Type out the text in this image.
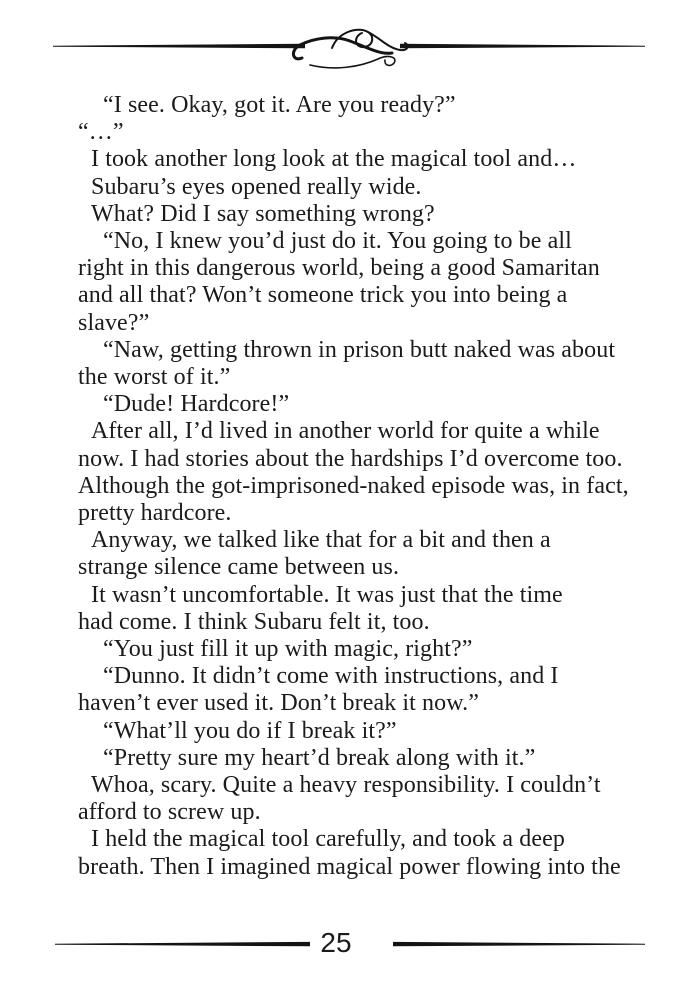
“I see. Okay, got it. Are you ready?”
“…”
I took another long look at the magical tool and…
Subaru’s eyes opened really wide.
What? Did I say something wrong?
“No, I knew you’d just do it. You going to be all
right in this dangerous world, being a good Samaritan
and all that? Won’t someone trick you into being a
slave?”
“Naw, getting thrown in prison butt naked was about
the worst of it.”
“Dude! Hardcore!”
After all, I’d lived in another world for quite a while
now. I had stories about the hardships I’d overcome too.
Although the got-imprisoned-naked episode was, in fact,
pretty hardcore.
Anyway, we talked like that for a bit and then a
strange silence came between us.
It wasn’t uncomfortable. It was just that the time
had come. I think Subaru felt it, too.
“You just fill it up with magic, right?”
“Dunno. It didn’t come with instructions, and I
haven’t ever used it. Don’t break it now.”
“What’ll you do if I break it?”
“Pretty sure my heart’d break along with it.”
Whoa, scary. Quite a heavy responsibility. I couldn’t
afford to screw up.
I held the magical tool carefully, and took a deep
breath. Then I imagined magical power flowing into the
25
